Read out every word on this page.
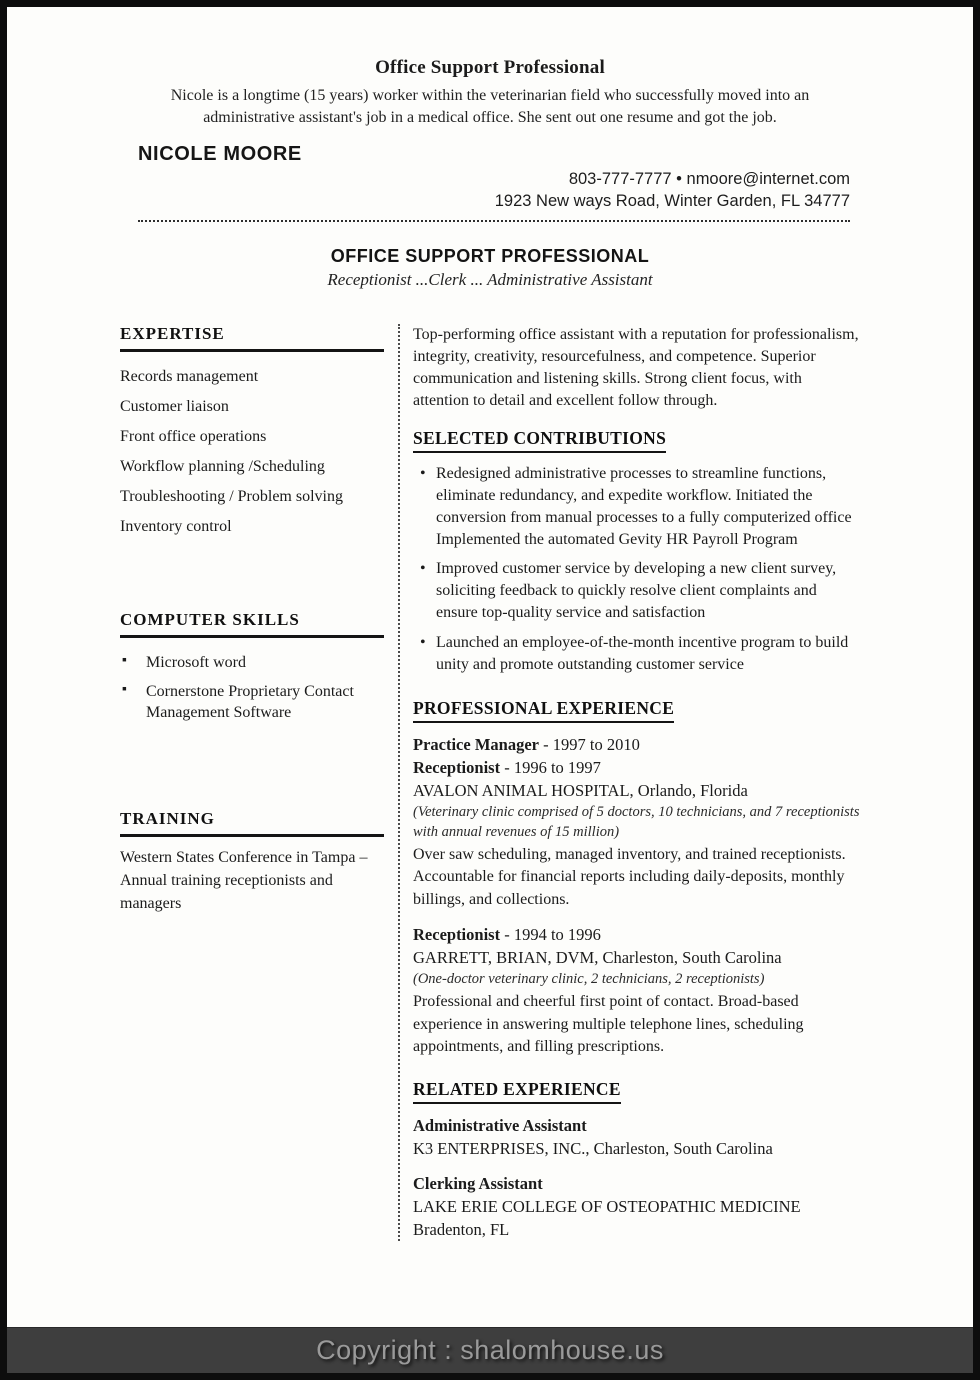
Office Support Professional

Nicole is a longtime (15 years) worker within the veterinarian field who successfully moved into an administrative assistant's job in a medical office. She sent out one resume and got the job.

NICOLE MOORE
803-777-7777 • nmoore@internet.com
1923 New ways Road, Winter Garden, FL 34777
OFFICE SUPPORT PROFESSIONAL
Receptionist ...Clerk ... Administrative Assistant
EXPERTISE
Records management
Customer liaison
Front office operations
Workflow planning /Scheduling
Troubleshooting / Problem solving
Inventory control
COMPUTER SKILLS
▪ Microsoft word
▪ Cornerstone Proprietary Contact Management Software
TRAINING

Western States Conference in Tampa – Annual training receptionists and managers

Top-performing office assistant with a reputation for professionalism, integrity, creativity, resourcefulness, and competence. Superior communication and listening skills. Strong client focus, with attention to detail and excellent follow through.

SELECTED CONTRIBUTIONS
• Redesigned administrative processes to streamline functions, eliminate redundancy, and expedite workflow. Initiated the conversion from manual processes to a fully computerized office Implemented the automated Gevity HR Payroll Program
• Improved customer service by developing a new client survey, soliciting feedback to quickly resolve client complaints and ensure top-quality service and satisfaction
• Launched an employee-of-the-month incentive program to build unity and promote outstanding customer service
PROFESSIONAL EXPERIENCE
Practice Manager - 1997 to 2010
Receptionist - 1996 to 1997
AVALON ANIMAL HOSPITAL, Orlando, Florida
(Veterinary clinic comprised of 5 doctors, 10 technicians, and 7 receptionists with annual revenues of 15 million)

Over saw scheduling, managed inventory, and trained receptionists. Accountable for financial reports including daily-deposits, monthly billings, and collections.

Receptionist - 1994 to 1996
GARRETT, BRIAN, DVM, Charleston, South Carolina
(One-doctor veterinary clinic, 2 technicians, 2 receptionists)

Professional and cheerful first point of contact. Broad-based experience in answering multiple telephone lines, scheduling appointments, and filling prescriptions.

RELATED EXPERIENCE
Administrative Assistant
K3 ENTERPRISES, INC., Charleston, South Carolina
Clerking Assistant
LAKE ERIE COLLEGE OF OSTEOPATHIC MEDICINE Bradenton, FL
Copyright : shalomhouse.us
